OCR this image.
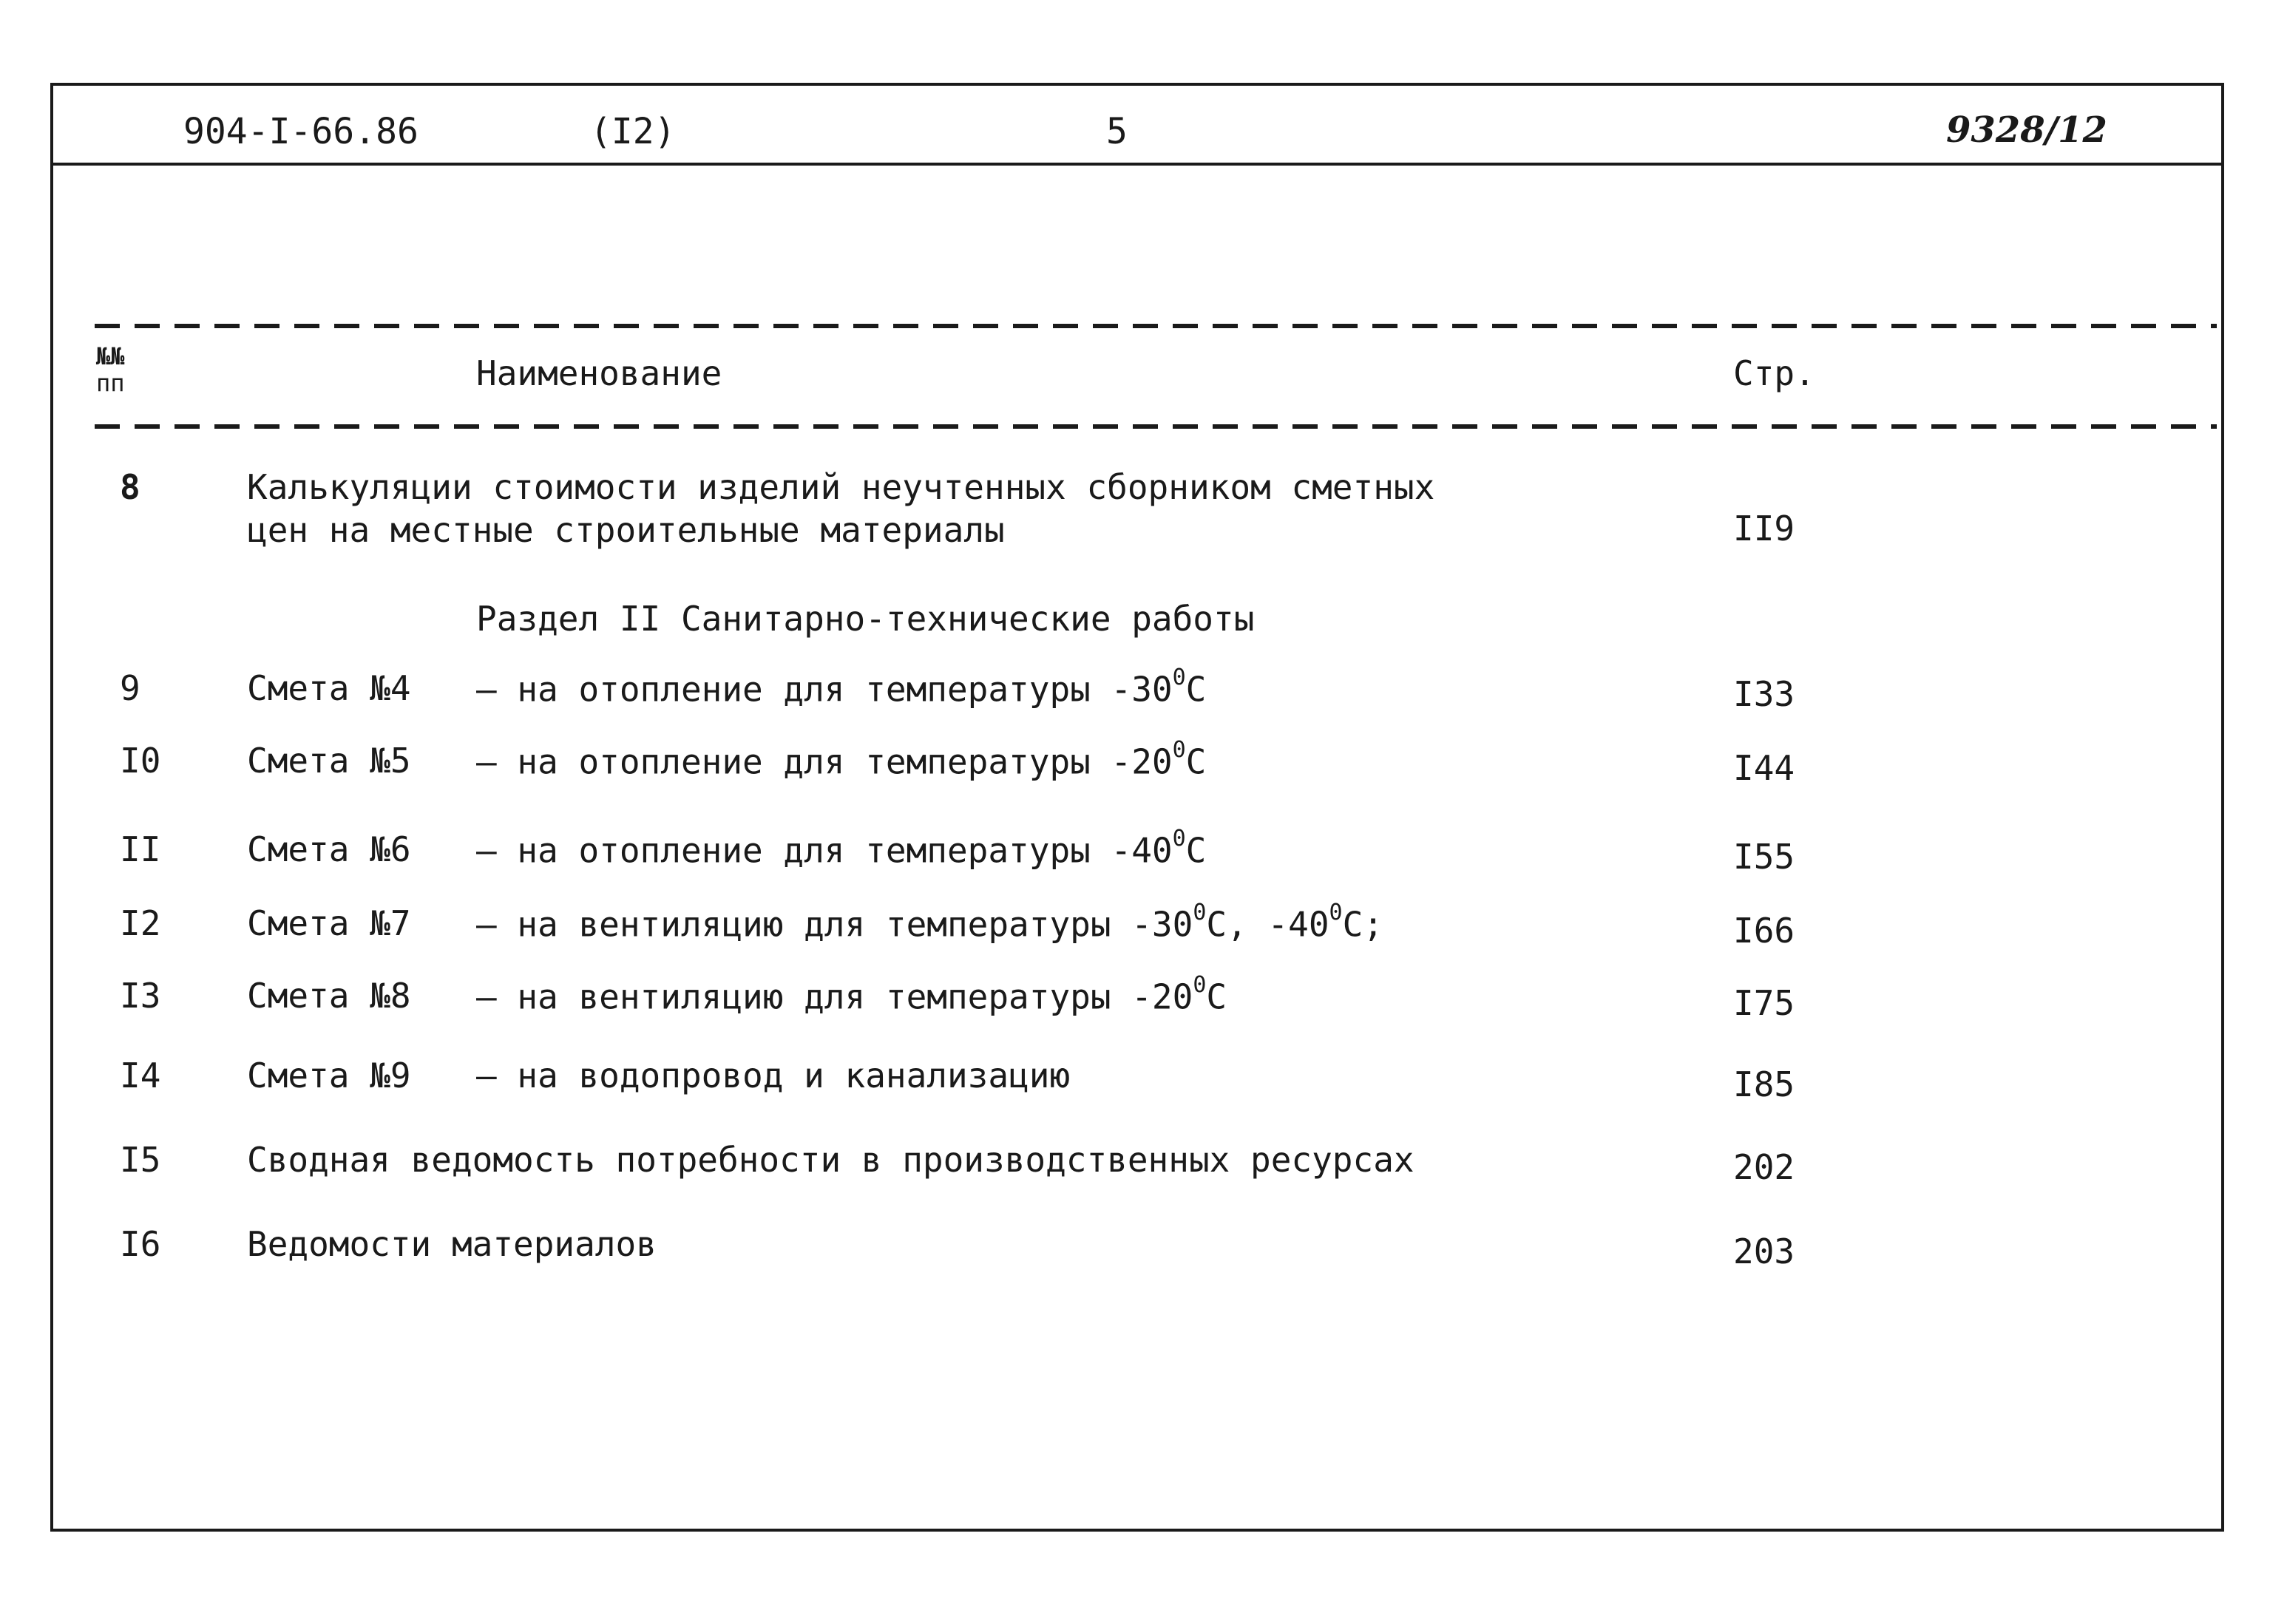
904-I-66.86	(I2)	5	9328/12
№№
пп	Наименование	Стр.
8	Калькуляции стоимости изделий неучтенных сборником сметных
цен на местные строительные материалы	II9
Раздел II Санитарно-технические работы
9	Смета №4 – на отопление для температуры $-30^0C$	I33
I0	Смета №5 – на отопление для температуры $-20^0C$	I44
II	Смета №6 – на отопление для температуры $-40^0C$	I55
I2	Смета №7 – на вентиляцию для температуры $-30^0C$, $-40^0C$;	I66
I3	Смета №8 – на вентиляцию для температуры $-20^0C$	I75
I4	Смета №9 – на водопровод и канализацию	I85
I5	Сводная ведомость потребности в производственных ресурсах	202
I6	Ведомости материалов	203
